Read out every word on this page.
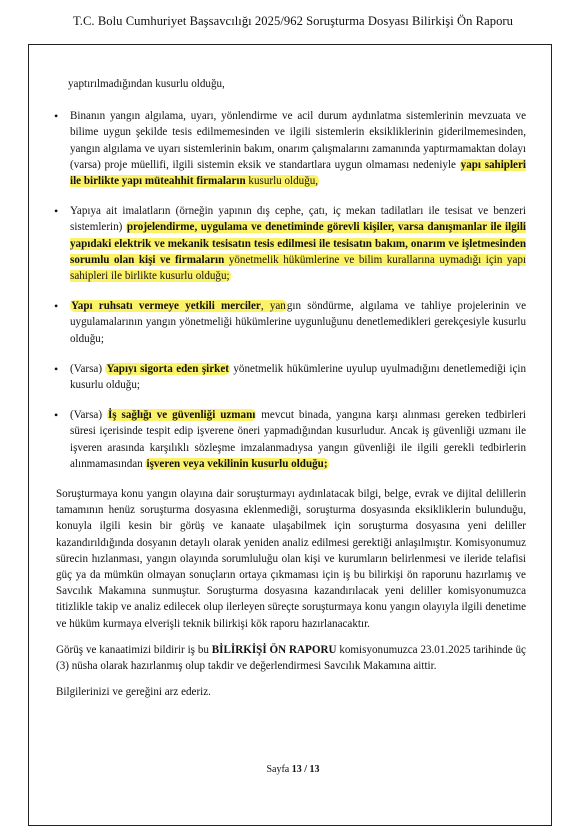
T.C. Bolu Cumhuriyet Başsavcılığı 2025/962 Soruşturma Dosyası Bilirkişi Ön Raporu

yaptırılmadığından kusurlu olduğu,

• Binanın yangın algılama, uyarı, yönlendirme ve acil durum aydınlatma sistemlerinin mevzuata ve bilime uygun şekilde tesis edilmemesinden ve ilgili sistemlerin eksikliklerinin giderilmemesinden, yangın algılama ve uyarı sistemlerinin bakım, onarım çalışmalarını zamanında yaptırmamaktan dolayı (varsa) proje müellifi, ilgili sistemin eksik ve standartlara uygun olmaması nedeniyle yapı sahipleri ile birlikte yapı müteahhit firmaların kusurlu olduğu,
• Yapıya ait imalatların (örneğin yapının dış cephe, çatı, iç mekan tadilatları ile tesisat ve benzeri sistemlerin) projelendirme, uygulama ve denetiminde görevli kişiler, varsa danışmanlar ile ilgili yapıdaki elektrik ve mekanik tesisatın tesis edilmesi ile tesisatın bakım, onarım ve işletmesinden sorumlu olan kişi ve firmaların yönetmelik hükümlerine ve bilim kurallarına uymadığı için yapı sahipleri ile birlikte kusurlu olduğu;
• Yapı ruhsatı vermeye yetkili merciler, yangın söndürme, algılama ve tahliye projelerinin ve uygulamalarının yangın yönetmeliği hükümlerine uygunluğunu denetlemedikleri gerekçesiyle kusurlu olduğu;
• (Varsa) Yapıyı sigorta eden şirket yönetmelik hükümlerine uyulup uyulmadığını denetlemediği için kusurlu olduğu;
• (Varsa) İş sağlığı ve güvenliği uzmanı mevcut binada, yangına karşı alınması gereken tedbirleri süresi içerisinde tespit edip işverene öneri yapmadığından kusurludur. Ancak iş güvenliği uzmanı ile işveren arasında karşılıklı sözleşme imzalanmadıysa yangın güvenliği ile ilgili gerekli tedbirlerin alınmamasından işveren veya vekilinin kusurlu olduğu;

Soruşturmaya konu yangın olayına dair soruşturmayı aydınlatacak bilgi, belge, evrak ve dijital delillerin tamamının henüz soruşturma dosyasına eklenmediği, soruşturma dosyasında eksikliklerin bulunduğu, konuyla ilgili kesin bir görüş ve kanaate ulaşabilmek için soruşturma dosyasına yeni deliller kazandırıldığında dosyanın detaylı olarak yeniden analiz edilmesi gerektiği anlaşılmıştır. Komisyonumuz sürecin hızlanması, yangın olayında sorumluluğu olan kişi ve kurumların belirlenmesi ve ileride telafisi güç ya da mümkün olmayan sonuçların ortaya çıkmaması için iş bu bilirkişi ön raporunu hazırlamış ve Savcılık Makamına sunmuştur. Soruşturma dosyasına kazandırılacak yeni deliller komisyonumuzca titizlikle takip ve analiz edilecek olup ilerleyen süreçte soruşturmaya konu yangın olayıyla ilgili denetime ve hüküm kurmaya elverişli teknik bilirkişi kök raporu hazırlanacaktır.

Görüş ve kanaatimizi bildirir iş bu BİLİRKİŞİ ÖN RAPORU komisyonumuzca 23.01.2025 tarihinde üç (3) nüsha olarak hazırlanmış olup takdir ve değerlendirmesi Savcılık Makamına aittir.

Bilgilerinizi ve gereğini arz ederiz.

Sayfa 13 / 13
